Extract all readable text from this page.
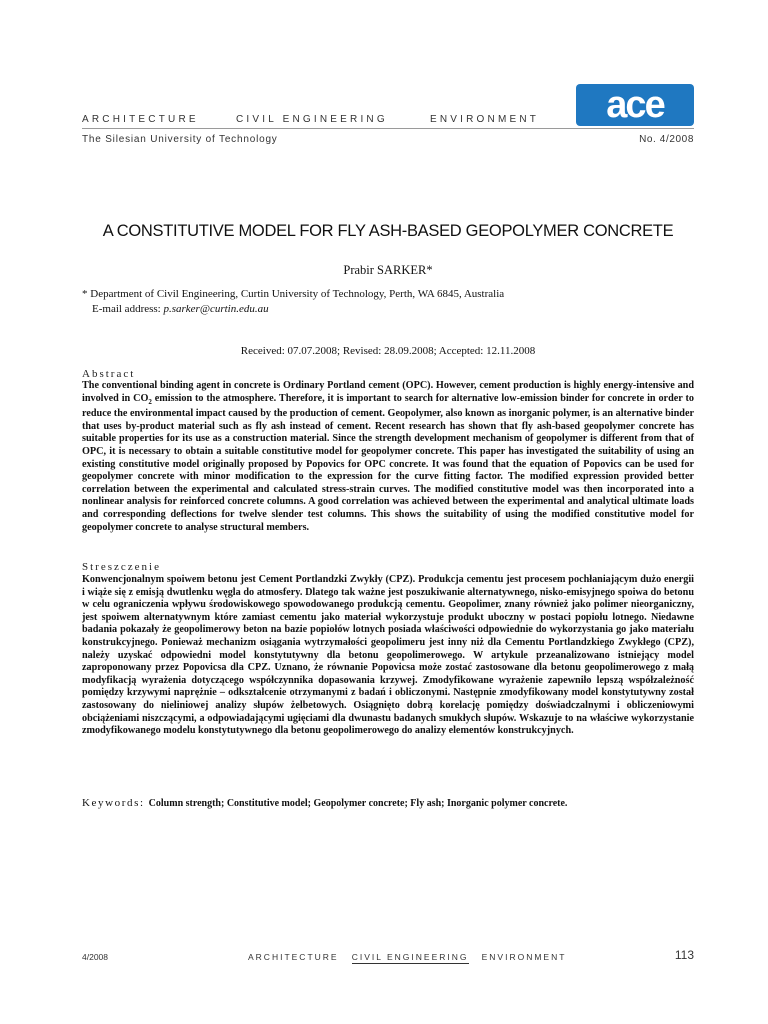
ARCHITECTURE	CIVIL ENGINEERING	ENVIRONMENT ace
The Silesian University of Technology	No. 4/2008
A CONSTITUTIVE MODEL FOR FLY ASH-BASED GEOPOLYMER CONCRETE
Prabir SARKER*
* Department of Civil Engineering, Curtin University of Technology, Perth, WA 6845, Australia
E-mail address: p.sarker@curtin.edu.au
Received: 07.07.2008; Revised: 28.09.2008; Accepted: 12.11.2008
Abstract
The conventional binding agent in concrete is Ordinary Portland cement (OPC). However, cement production is highly energy-intensive and involved in $CO_2$ emission to the atmosphere. Therefore, it is important to search for alternative low-emission binder for concrete in order to reduce the environmental impact caused by the production of cement. Geopolymer, also known as inorganic polymer, is an alternative binder that uses by-product material such as fly ash instead of cement. Recent research has shown that fly ash-based geopolymer concrete has suitable properties for its use as a construction material. Since the strength development mechanism of geopolymer is different from that of OPC, it is necessary to obtain a suitable constitutive model for geopolymer concrete. This paper has investigated the suitability of using an existing constitutive model originally proposed by Popovics for OPC concrete. It was found that the equation of Popovics can be used for geopolymer concrete with minor modification to the expression for the curve fitting factor. The modified expression provided better correlation between the experimental and calculated stress-strain curves. The modified constitutive model was then incorporated into a nonlinear analysis for reinforced concrete columns. A good correlation was achieved between the experimental and analytical ultimate loads and corresponding deflections for twelve slender test columns. This shows the suitability of using the modified constitutive model for geopolymer concrete to analyse structural members.
Streszczenie
Konwencjonalnym spoiwem betonu jest Cement Portlandzki Zwykły (CPZ). Produkcja cementu jest procesem pochłaniającym dużo energii i wiąże się z emisją dwutlenku węgla do atmosfery. Dlatego tak ważne jest poszukiwanie alternatywnego, nisko-emisyjnego spoiwa do betonu w celu ograniczenia wpływu środowiskowego spowodowanego produkcją cementu. Geopolimer, znany również jako polimer nieorganiczny, jest spoiwem alternatywnym które zamiast cementu jako materiał wykorzystuje produkt uboczny w postaci popiołu lotnego. Niedawne badania pokazały że geopolimerowy beton na bazie popiołów lotnych posiada właściwości odpowiednie do wykorzystania go jako materiału konstrukcyjnego. Ponieważ mechanizm osiągania wytrzymałości geopolimeru jest inny niż dla Cementu Portlandzkiego Zwykłego (CPZ), należy uzyskać odpowiedni model konstytutywny dla betonu geopolimerowego. W artykule przeanalizowano istniejący model zaproponowany przez Popovicsa dla CPZ. Uznano, że równanie Popovicsa może zostać zastosowane dla betonu geopolimerowego z małą modyfikacją wyrażenia dotyczącego współczynnika dopasowania krzywej. Zmodyfikowane wyrażenie zapewniło lepszą współzależność pomiędzy krzywymi naprężnie – odkształcenie otrzymanymi z badań i obliczonymi. Następnie zmodyfikowany model konstytutywny został zastosowany do nieliniowej analizy słupów żelbetowych. Osiągnięto dobrą korelację pomiędzy doświadczalnymi i obliczeniowymi obciążeniami niszczącymi, a odpowiadającymi ugięciami dla dwunastu badanych smukłych słupów. Wskazuje to na właściwe wykorzystanie zmodyfikowanego modelu konstytutywnego dla betonu geopolimerowego do analizy elementów konstrukcyjnych.
Keywords: Column strength; Constitutive model; Geopolymer concrete; Fly ash; Inorganic polymer concrete.
4/2008	ARCHITECTURE CIVIL ENGINEERING ENVIRONMENT	113
